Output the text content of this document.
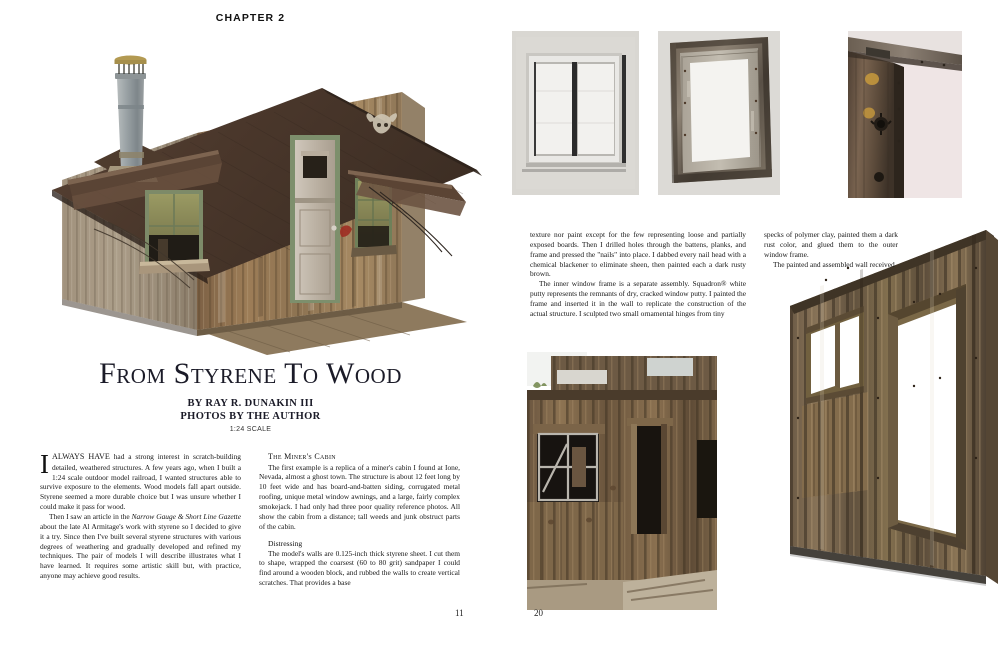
CHAPTER 2
From Styrene To Wood
BY RAY R. DUNAKIN III
PHOTOS BY THE AUTHOR
1:24 SCALE

IALWAYS HAVE had a strong interest in scratch-building detailed, weathered structures. A few years ago, when I built a 1:24 scale outdoor model railroad, I wanted structures able to survive exposure to the elements. Wood models fall apart outside. Styrene seemed a more durable choice but I was unsure whether I could make it pass for wood.

Then I saw an article in the Narrow Gauge & Short Line Gazette about the late Al Armitage's work with styrene so I decided to give it a try. Since then I've built several styrene structures with various degrees of weathering and gradually developed and refined my techniques. The pair of models I will describe illustrates what I have learned. It requires some artistic skill but, with practice, anyone may achieve good results.

The Miner's Cabin

The first example is a replica of a miner's cabin I found at Ione, Nevada, almost a ghost town. The structure is about 12 feet long by 10 feet wide and has board-and-batten siding, corrugated metal roofing, unique metal window awnings, and a large, fairly complex smokejack. I had only had three poor quality reference photos. All show the cabin from a distance; tall weeds and junk obstruct parts of the cabin.

Distressing

The model's walls are 0.125-inch thick styrene sheet. I cut them to shape, wrapped the coarsest (60 to 80 grit) sandpaper I could find around a wooden block, and rubbed the walls to create vertical scratches. That provides a base

11

texture nor paint except for the few representing loose and partially exposed boards. Then I drilled holes through the battens, planks, and frame and pressed the "nails" into place. I dabbed every nail head with a chemical blackener to eliminate sheen, then painted each a dark rusty brown.

The inner window frame is a separate assembly. Squadron® white putty represents the remnants of dry, cracked window putty. I painted the frame and inserted it in the wall to replicate the construction of the actual structure. I sculpted two small ornamental hinges from tiny

specks of polymer clay, painted them a dark rust color, and glued them to the outer window frame.

The painted and assembled wall received

20
